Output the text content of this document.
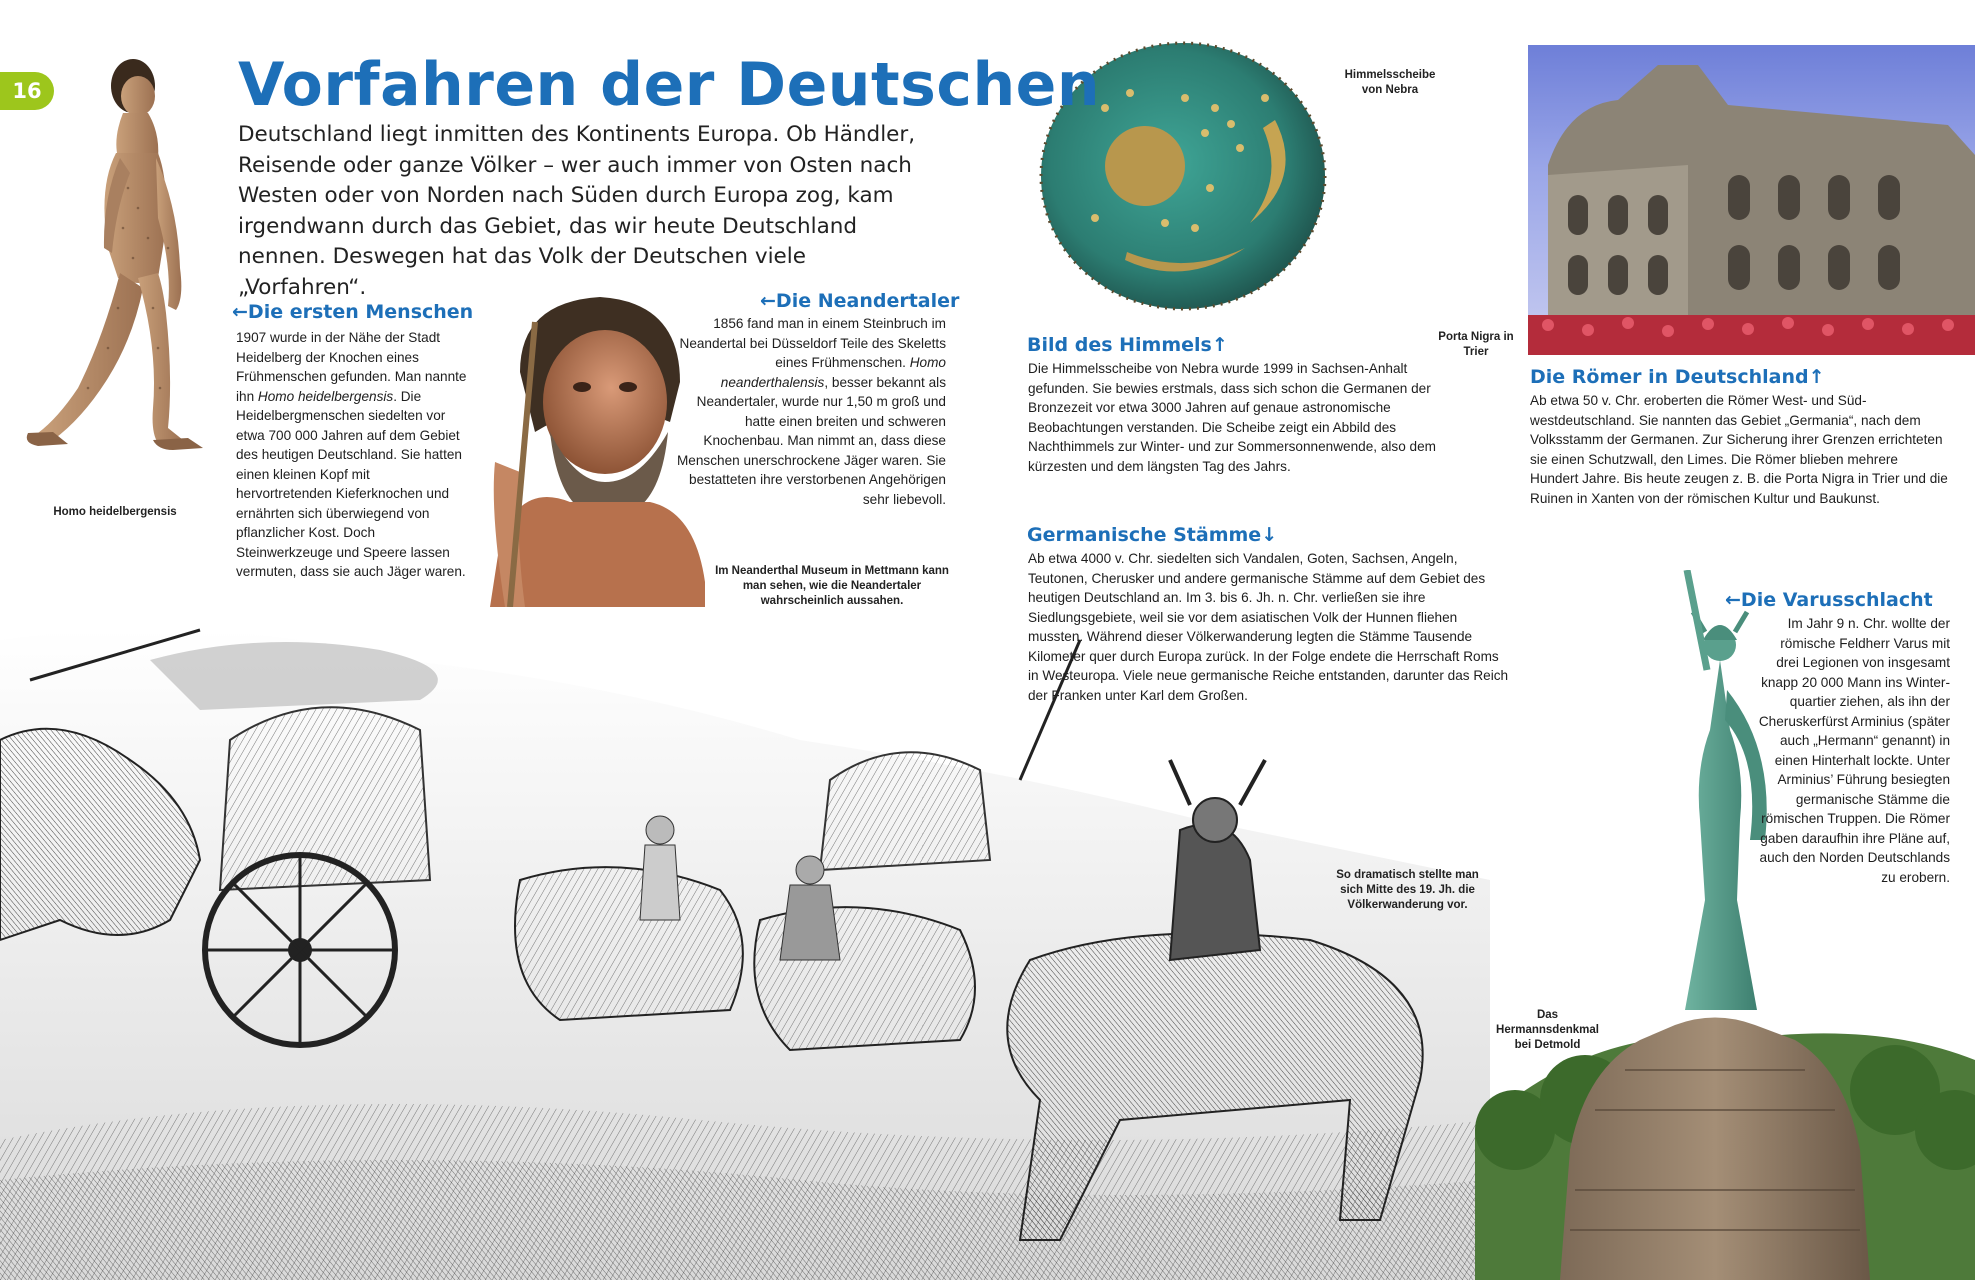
16
Homo heidelbergensis
Im Neanderthal Museum in Mettmann kann man sehen, wie die Neandertaler wahrscheinlich aussahen.
Himmelsscheibe von Nebra
Porta Nigra in Trier
So dramatisch stellte man sich Mitte des 19. Jh. die Völkerwanderung vor.
Das Hermannsdenkmal bei Detmold
Vorfahren der Deutschen
Deutschland liegt inmitten des Kontinents Europa. Ob Händler, Reisende oder ganze Völker – wer auch immer von Osten nach Westen oder von Norden nach Süden durch Europa zog, kam irgendwann durch das Gebiet, das wir heute Deutschland nennen. Deswegen hat das Volk der Deutschen viele „Vorfahren“.
←Die ersten Menschen
1907 wurde in der Nähe der Stadt Heidelberg der Knochen eines Frühmenschen gefunden. Man nannte ihn Homo heidelbergensis. Die Heidelbergmenschen siedelten vor etwa 700 000 Jahren auf dem Gebiet des heutigen Deutschland. Sie hatten einen kleinen Kopf mit hervortretenden Kieferknochen und ernährten sich überwiegend von pflanzlicher Kost. Doch Steinwerkzeuge und Speere lassen vermuten, dass sie auch Jäger waren.
←Die Neandertaler
1856 fand man in einem Steinbruch im Neandertal bei Düsseldorf Teile des Skeletts eines Frühmenschen. Homo neanderthalensis, besser bekannt als Neandertaler, wurde nur 1,50 m groß und hatte einen breiten und schweren Knochenbau. Man nimmt an, dass diese Menschen unerschrockene Jäger waren. Sie bestatteten ihre verstorbenen Angehörigen sehr liebevoll.
Bild des Himmels↑
Die Himmelsscheibe von Nebra wurde 1999 in Sachsen-Anhalt gefunden. Sie bewies erstmals, dass sich schon die Germanen der Bronzezeit vor etwa 3000 Jahren auf genaue astronomische Beobachtungen verstanden. Die Scheibe zeigt ein Abbild des Nachthimmels zur Winter- und zur Sommersonnenwende, also dem kürzesten und dem längsten Tag des Jahrs.
Germanische Stämme↓
Ab etwa 4000 v. Chr. siedelten sich Vandalen, Goten, Sachsen, Angeln, Teutonen, Cherusker und andere germanische Stämme auf dem Gebiet des heutigen Deutschland an. Im 3. bis 6. Jh. n. Chr. verließen sie ihre Siedlungsgebiete, weil sie vor dem asiatischen Volk der Hunnen fliehen mussten. Während dieser Völkerwanderung legten die Stämme Tausende Kilometer quer durch Europa zurück. In der Folge endete die Herrschaft Roms in Westeuropa. Viele neue germanische Reiche entstanden, darunter das Reich der Franken unter Karl dem Großen.
Die Römer in Deutschland↑
Ab etwa 50 v. Chr. eroberten die Römer West- und Südwestdeutschland. Sie nannten das Gebiet „Germania“, nach dem Volksstamm der Germanen. Zur Sicherung ihrer Grenzen errichteten sie einen Schutzwall, den Limes. Die Römer blieben mehrere Hundert Jahre. Bis heute zeugen z. B. die Porta Nigra in Trier und die Ruinen in Xanten von der römischen Kultur und Baukunst.
←Die Varusschlacht
Im Jahr 9 n. Chr. wollte der römische Feldherr Varus mit drei Legionen von insgesamt knapp 20 000 Mann ins Winterquartier ziehen, als ihn der Cheruskerfürst Arminius (später auch „Hermann“ genannt) in einen Hinterhalt lockte. Unter Arminius’ Führung besiegten germanische Stämme die römischen Truppen. Die Römer gaben daraufhin ihre Pläne auf, auch den Norden Deutschlands zu erobern.
